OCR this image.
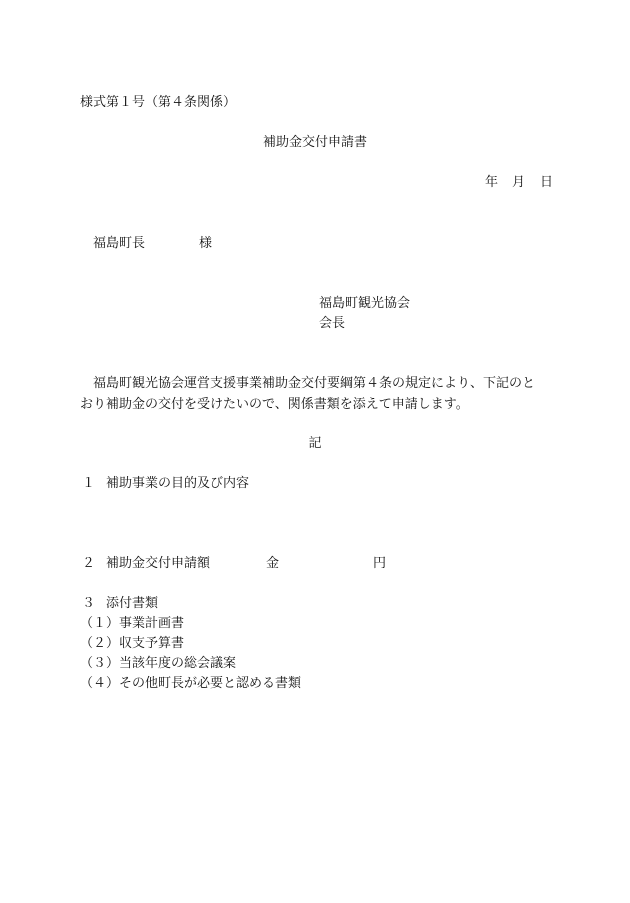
様式第１号（第４条関係）
補助金交付申請書
年 月 日
福島町長	様
福島町観光協会
会長
福島町観光協会運営支援事業補助金交付要綱第４条の規定により、下記のと
おり補助金の交付を受けたいので、関係書類を添えて申請します。
記
１ 補助事業の目的及び内容
２ 補助金交付申請額	金	円
３ 添付書類
（１）事業計画書
（２）収支予算書
（３）当該年度の総会議案
（４）その他町長が必要と認める書類
